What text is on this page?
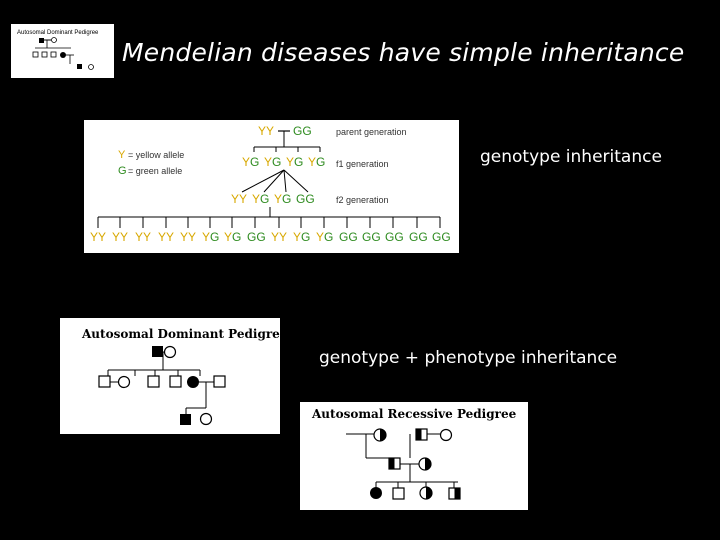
Autosomal Dominant Pedigree
Mendelian diseases have simple inheritance
Y = yellow allele
G = green allele
YY GG
Y G Y G Y G Y G
YY Y G Y G GG
YY YY YY YY YY Y G Y G GG YY Y G Y G GG GG GG GG GG
parent generation
f1 generation
f2 generation
genotype inheritance
Autosomal Dominant Pedigree
genotype + phenotype inheritance
Autosomal Recessive Pedigree
